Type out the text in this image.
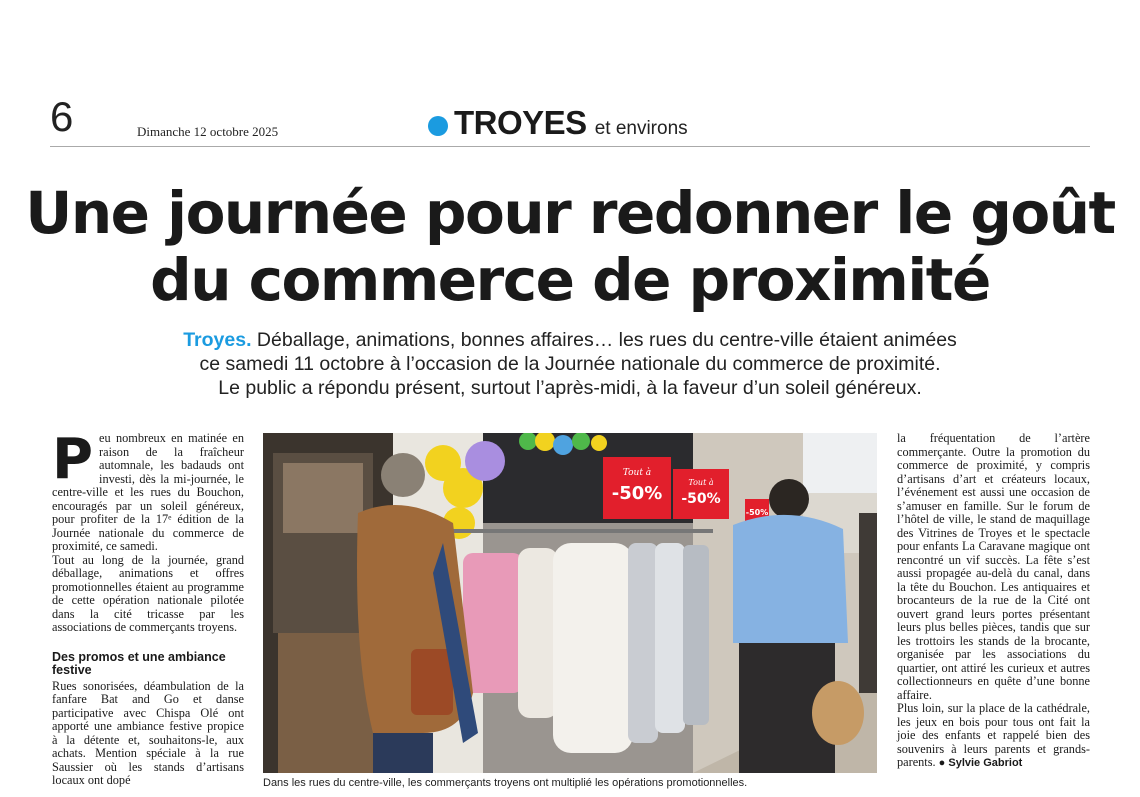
6	Dimanche 12 octobre 2025	TROYES et environs
Une journée pour redonner le goût
du commerce de proximité
Troyes. Déballage, animations, bonnes affaires… les rues du centre-ville étaient animées
ce samedi 11 octobre à l’occasion de la Journée nationale du commerce de proximité.
Le public a répondu présent, surtout l’après-midi, à la faveur d’un soleil généreux.

Peu nombreux en matinée en raison de la fraîcheur automnale, les badauds ont investi, dès la mi-journée, le centre-ville et les rues du Bouchon, encouragés par un soleil généreux, pour profiter de la 17ᵉ édition de la Journée nationale du commerce de proximité, ce samedi.

Tout au long de la journée, grand déballage, animations et offres promotionnelles étaient au programme de cette opération nationale pilotée dans la cité tricasse par les associations de commerçants troyens.

Des promos et une ambiance festive

Rues sonorisées, déambulation de la fanfare Bat and Go et danse participative avec Chispa Olé ont apporté une ambiance festive propice à la détente et, souhaitons-le, aux achats. Mention spéciale à la rue Saussier où les stands d’artisans locaux ont dopé

Tout à
-50%
Tout à
-50%
-50%
Dans les rues du centre-ville, les commerçants troyens ont multiplié les opérations promotionnelles.

la fréquentation de l’artère commerçante. Outre la promotion du commerce de proximité, y compris d’artisans d’art et créateurs locaux, l’événement est aussi une occasion de s’amuser en famille. Sur le forum de l’hôtel de ville, le stand de maquillage des Vitrines de Troyes et le spectacle pour enfants La Caravane magique ont rencontré un vif succès. La fête s’est aussi propagée au-delà du canal, dans la tête du Bouchon. Les antiquaires et brocanteurs de la rue de la Cité ont ouvert grand leurs portes présentant leurs plus belles pièces, tandis que sur les trottoirs les stands de la brocante, organisée par les associations du quartier, ont attiré les curieux et autres collectionneurs en quête d’une bonne affaire.

Plus loin, sur la place de la cathédrale, les jeux en bois pour tous ont fait la joie des enfants et rappelé bien des souvenirs à leurs parents et grands-parents. ● Sylvie Gabriot
